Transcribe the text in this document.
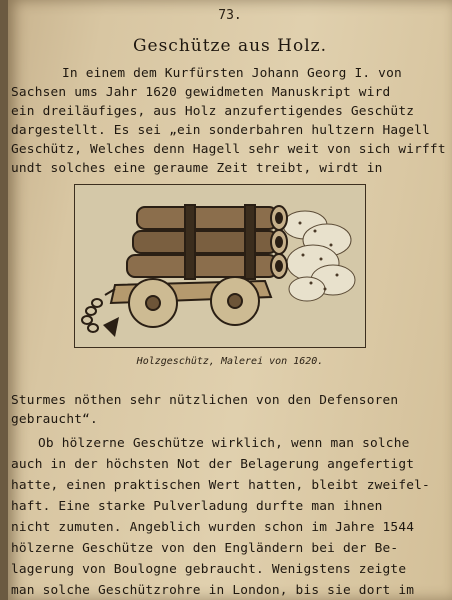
73.
Geschütze aus Holz.
In einem dem Kurfürsten Johann Georg I. von
Sachsen ums Jahr 1620 gewidmeten Manuskript wird
ein dreiläufiges, aus Holz anzufertigendes Geschütz
dargestellt. Es sei „ein sonderbahren hultzern Hagell
Geschütz, Welches denn Hagell sehr weit von sich wirfft
undt solches eine geraume Zeit treibt, wirdt in
Holzgeschütz, Malerei von 1620.
Sturmes nöthen sehr nützlichen von den Defensoren
gebraucht“.
Ob hölzerne Geschütze wirklich, wenn man solche
auch in der höchsten Not der Belagerung angefertigt
hatte, einen praktischen Wert hatten, bleibt zweifel-
haft. Eine starke Pulverladung durfte man ihnen
nicht zumuten. Angeblich wurden schon im Jahre 1544
hölzerne Geschütze von den Engländern bei der Be-
lagerung von Boulogne gebraucht. Wenigstens zeigte
man solche Geschützrohre in London, bis sie dort im
